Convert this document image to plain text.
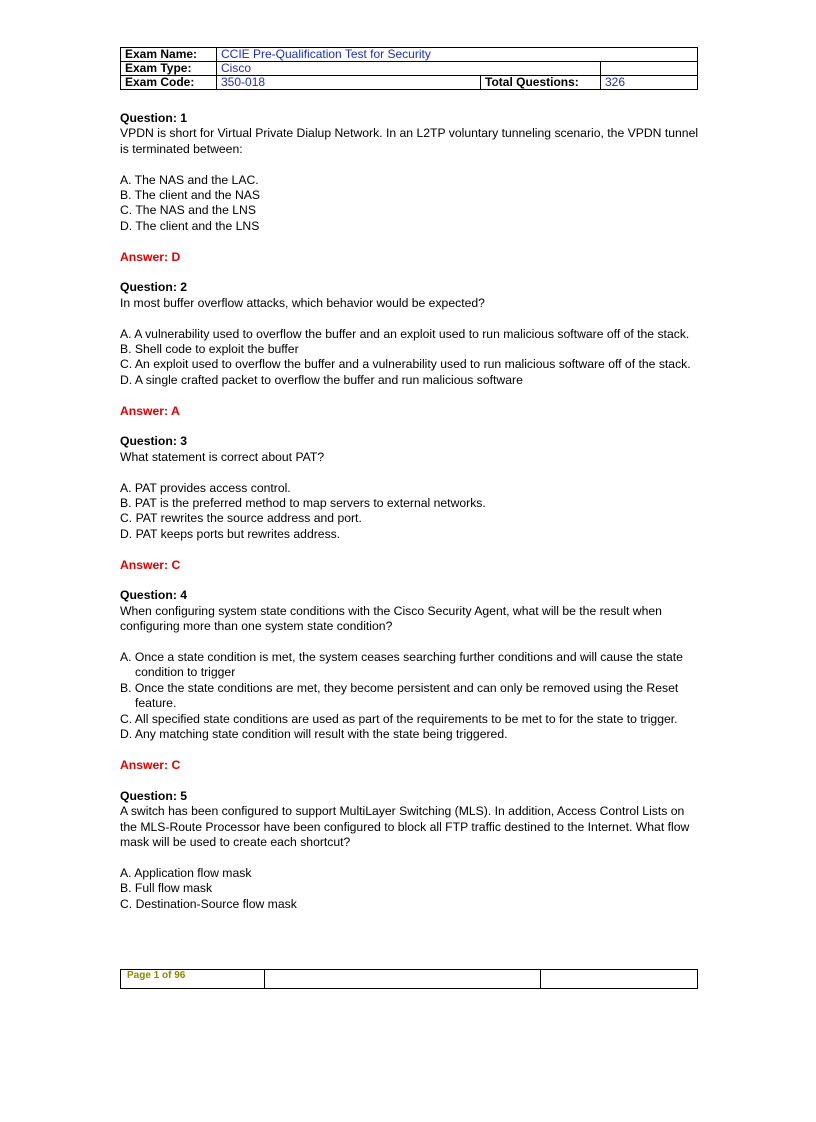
Exam Name:	CCIE Pre-Qualification Test for Security		
Exam Type:	Cisco		
Exam Code:	350-018	Total Questions:	326
Question: 1
VPDN is short for Virtual Private Dialup Network. In an L2TP voluntary tunneling scenario, the VPDN tunnel is terminated between:
A. The NAS and the LAC.
B. The client and the NAS
C. The NAS and the LNS
D. The client and the LNS
Answer: D
Question: 2
In most buffer overflow attacks, which behavior would be expected?
A. A vulnerability used to overflow the buffer and an exploit used to run malicious software off of the stack.
B. Shell code to exploit the buffer
C. An exploit used to overflow the buffer and a vulnerability used to run malicious software off of the stack.
D. A single crafted packet to overflow the buffer and run malicious software
Answer: A
Question: 3
What statement is correct about PAT?
A. PAT provides access control.
B. PAT is the preferred method to map servers to external networks.
C. PAT rewrites the source address and port.
D. PAT keeps ports but rewrites address.
Answer: C
Question: 4
When configuring system state conditions with the Cisco Security Agent, what will be the result when configuring more than one system state condition?
A. Once a state condition is met, the system ceases searching further conditions and will cause the state condition to trigger
B. Once the state conditions are met, they become persistent and can only be removed using the Reset feature.
C. All specified state conditions are used as part of the requirements to be met to for the state to trigger.
D. Any matching state condition will result with the state being triggered.
Answer: C
Question: 5
A switch has been configured to support MultiLayer Switching (MLS). In addition, Access Control Lists on the MLS-Route Processor have been configured to block all FTP traffic destined to the Internet. What flow mask will be used to create each shortcut?
A. Application flow mask
B. Full flow mask
C. Destination-Source flow mask
Page 1 of 96		
